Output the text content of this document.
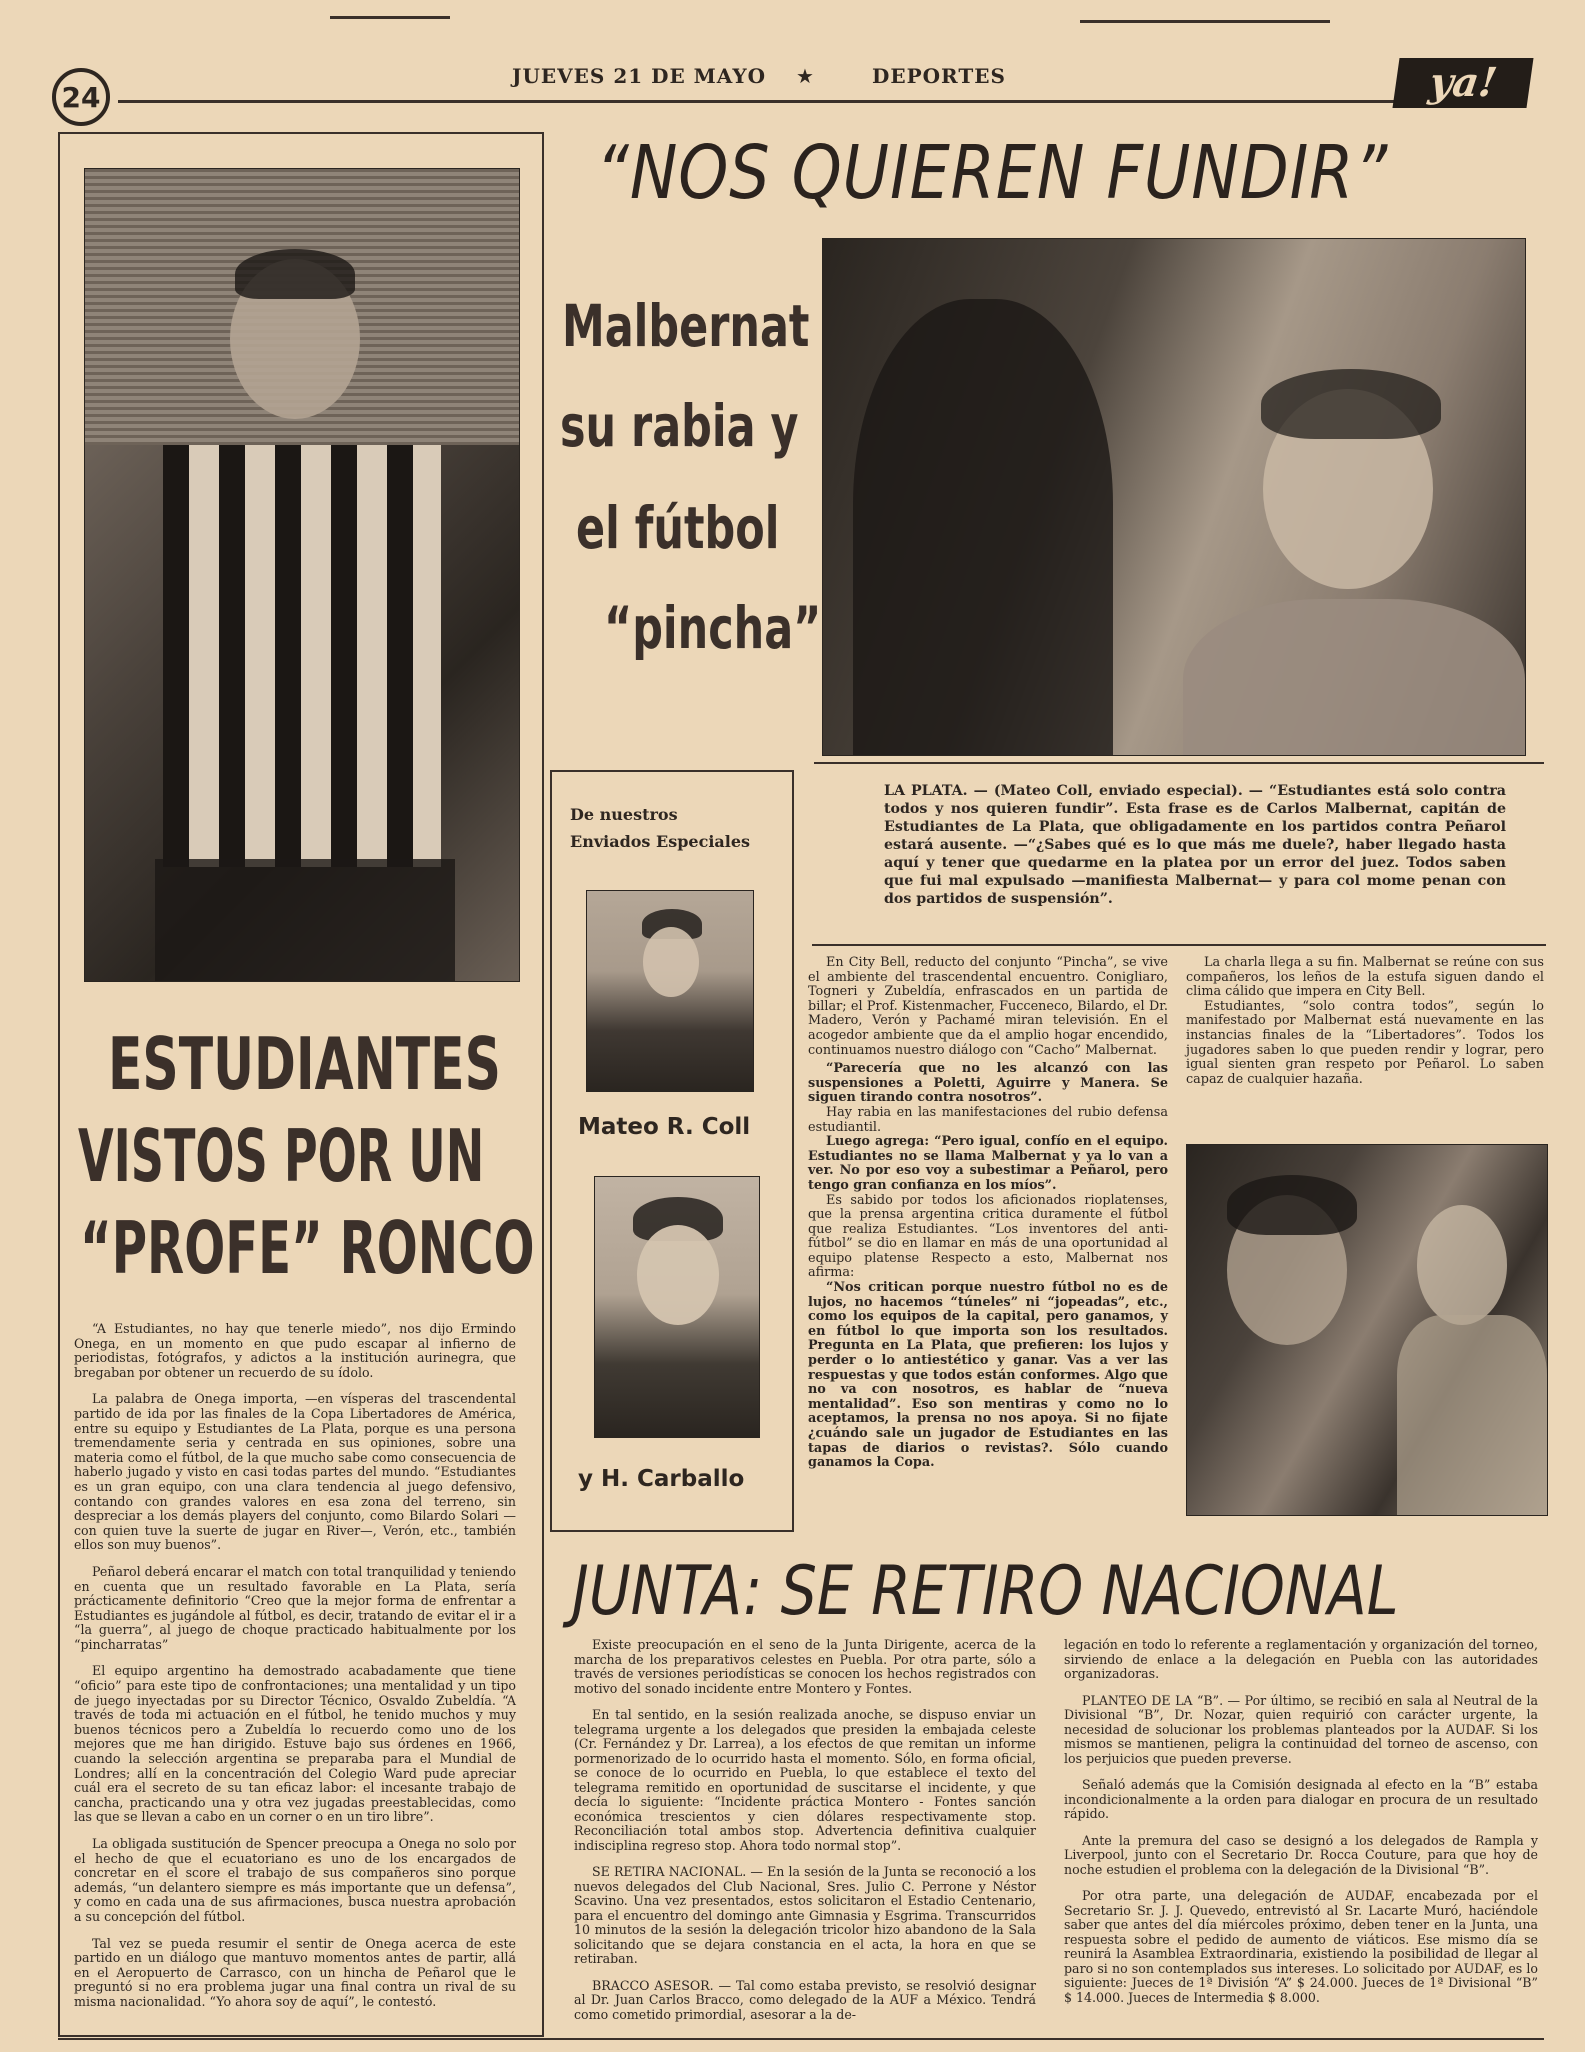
24
JUEVES 21 DE MAYO ★	DEPORTES	ya!
ESTUDIANTES
VISTOS POR UN
“PROFE” RONCO

“A Estudiantes, no hay que tenerle miedo”, nos dijo Ermindo Onega, en un momento en que pudo escapar al infierno de periodistas, fotógrafos, y adictos a la institución aurinegra, que bregaban por obtener un recuerdo de su ídolo.

La palabra de Onega importa, —en vísperas del trascendental partido de ida por las finales de la Copa Libertadores de América, entre su equipo y Estudiantes de La Plata, porque es una persona tremendamente seria y centrada en sus opiniones, sobre una materia como el fútbol, de la que mucho sabe como consecuencia de haberlo jugado y visto en casi todas partes del mundo. “Estudiantes es un gran equipo, con una clara tendencia al juego defensivo, contando con grandes valores en esa zona del terreno, sin despreciar a los demás players del conjunto, como Bilardo Solari —con quien tuve la suerte de jugar en River—, Verón, etc., también ellos son muy buenos”.

Peñarol deberá encarar el match con total tranquilidad y teniendo en cuenta que un resultado favorable en La Plata, sería prácticamente definitorio “Creo que la mejor forma de enfrentar a Estudiantes es jugándole al fútbol, es decir, tratando de evitar el ir a “la guerra”, al juego de choque practicado habitualmente por los “pincharratas”

El equipo argentino ha demostrado acabadamente que tiene “oficio” para este tipo de confrontaciones; una mentalidad y un tipo de juego inyectadas por su Director Técnico, Osvaldo Zubeldía. “A través de toda mi actuación en el fútbol, he tenido muchos y muy buenos técnicos pero a Zubeldía lo recuerdo como uno de los mejores que me han dirigido. Estuve bajo sus órdenes en 1966, cuando la selección argentina se preparaba para el Mundial de Londres; allí en la concentración del Colegio Ward pude apreciar cuál era el secreto de su tan eficaz labor: el incesante trabajo de cancha, practicando una y otra vez jugadas preestablecidas, como las que se llevan a cabo en un corner o en un tiro libre”.

La obligada sustitución de Spencer preocupa a Onega no solo por el hecho de que el ecuatoriano es uno de los encargados de concretar en el score el trabajo de sus compañeros sino porque además, “un delantero siempre es más importante que un defensa”, y como en cada una de sus afirmaciones, busca nuestra aprobación a su concepción del fútbol.

Tal vez se pueda resumir el sentir de Onega acerca de este partido en un diálogo que mantuvo momentos antes de partir, allá en el Aeropuerto de Carrasco, con un hincha de Peñarol que le preguntó si no era problema jugar una final contra un rival de su misma nacionalidad. “Yo ahora soy de aquí”, le contestó.

“NOS QUIEREN FUNDIR”
Malbernat
su rabia y
el fútbol
“pincha”
De nuestros
Enviados Especiales
Mateo R. Coll
y H. Carballo
LA PLATA. — (Mateo Coll, enviado especial). — “Estudiantes está solo contra todos y nos quieren fundir”. Esta frase es de Carlos Malbernat, capitán de Estudiantes de La Plata, que obligadamente en los partidos contra Peñarol estará ausente. —“¿Sabes qué es lo que más me duele?, haber llegado hasta aquí y tener que quedarme en la platea por un error del juez. Todos saben que fui mal expulsado —manifiesta Malbernat— y para col mome penan con dos partidos de suspensión”.

En City Bell, reducto del conjunto “Pincha”, se vive el ambiente del trascendental encuentro. Conigliaro, Togneri y Zubeldía, enfrascados en un partida de billar; el Prof. Kistenmacher, Fucceneco, Bilardo, el Dr. Madero, Verón y Pachamé miran televisión. En el acogedor ambiente que da el amplio hogar encendido, continuamos nuestro diálogo con “Cacho” Malbernat.

“Parecería que no les alcanzó con las suspensiones a Poletti, Aguirre y Manera. Se siguen tirando contra nosotros”.

Hay rabia en las manifestaciones del rubio defensa estudiantil.

Luego agrega: “Pero igual, confío en el equipo. Estudiantes no se llama Malbernat y ya lo van a ver. No por eso voy a subestimar a Peñarol, pero tengo gran confianza en los míos”.

Es sabido por todos los aficionados rioplatenses, que la prensa argentina critica duramente el fútbol que realiza Estudiantes. “Los inventores del anti-fútbol” se dio en llamar en más de una oportunidad al equipo platense Respecto a esto, Malbernat nos afirma:

“Nos critican porque nuestro fútbol no es de lujos, no hacemos “túneles” ni “jopeadas”, etc., como los equipos de la capital, pero ganamos, y en fútbol lo que importa son los resultados. Pregunta en La Plata, que prefieren: los lujos y perder o lo antiestético y ganar. Vas a ver las respuestas y que todos están conformes. Algo que no va con nosotros, es hablar de “nueva mentalidad”. Eso son mentiras y como no lo aceptamos, la prensa no nos apoya. Si no fijate ¿cuándo sale un jugador de Estudiantes en las tapas de diarios o revistas?. Sólo cuando ganamos la Copa.

La charla llega a su fin. Malbernat se reúne con sus compañeros, los leños de la estufa siguen dando el clima cálido que impera en City Bell.

Estudiantes, “solo contra todos”, según lo manifestado por Malbernat está nuevamente en las instancias finales de la “Libertadores”. Todos los jugadores saben lo que pueden rendir y lograr, pero igual sienten gran respeto por Peñarol. Lo saben capaz de cualquier hazaña.

JUNTA: SE RETIRO NACIONAL

Existe preocupación en el seno de la Junta Dirigente, acerca de la marcha de los preparativos celestes en Puebla. Por otra parte, sólo a través de versiones periodísticas se conocen los hechos registrados con motivo del sonado incidente entre Montero y Fontes.

En tal sentido, en la sesión realizada anoche, se dispuso enviar un telegrama urgente a los delegados que presiden la embajada celeste (Cr. Fernández y Dr. Larrea), a los efectos de que remitan un informe pormenorizado de lo ocurrido hasta el momento. Sólo, en forma oficial, se conoce de lo ocurrido en Puebla, lo que establece el texto del telegrama remitido en oportunidad de suscitarse el incidente, y que decía lo siguiente: “Incidente práctica Montero - Fontes sanción económica trescientos y cien dólares respectivamente stop. Reconciliación total ambos stop. Advertencia definitiva cualquier indisciplina regreso stop. Ahora todo normal stop”.

SE RETIRA NACIONAL. — En la sesión de la Junta se reconoció a los nuevos delegados del Club Nacional, Sres. Julio C. Perrone y Néstor Scavino. Una vez presentados, estos solicitaron el Estadio Centenario, para el encuentro del domingo ante Gimnasia y Esgrima. Transcurridos 10 minutos de la sesión la delegación tricolor hizo abandono de la Sala solicitando que se dejara constancia en el acta, la hora en que se retiraban.

BRACCO ASESOR. — Tal como estaba previsto, se resolvió designar al Dr. Juan Carlos Bracco, como delegado de la AUF a México. Tendrá como cometido primordial, asesorar a la de-

legación en todo lo referente a reglamentación y organización del torneo, sirviendo de enlace a la delegación en Puebla con las autoridades organizadoras.

PLANTEO DE LA “B”. — Por último, se recibió en sala al Neutral de la Divisional “B”, Dr. Nozar, quien requirió con carácter urgente, la necesidad de solucionar los problemas planteados por la AUDAF. Si los mismos se mantienen, peligra la continuidad del torneo de ascenso, con los perjuicios que pueden preverse.

Señaló además que la Comisión designada al efecto en la “B” estaba incondicionalmente a la orden para dialogar en procura de un resultado rápido.

Ante la premura del caso se designó a los delegados de Rampla y Liverpool, junto con el Secretario Dr. Rocca Couture, para que hoy de noche estudien el problema con la delegación de la Divisional “B”.

Por otra parte, una delegación de AUDAF, encabezada por el Secretario Sr. J. J. Quevedo, entrevistó al Sr. Lacarte Muró, haciéndole saber que antes del día miércoles próximo, deben tener en la Junta, una respuesta sobre el pedido de aumento de viáticos. Ese mismo día se reunirá la Asamblea Extraordinaria, existiendo la posibilidad de llegar al paro si no son contemplados sus intereses. Lo solicitado por AUDAF, es lo siguiente: Jueces de 1ª División “A” $ 24.000. Jueces de 1ª Divisional “B” $ 14.000. Jueces de Intermedia $ 8.000.
